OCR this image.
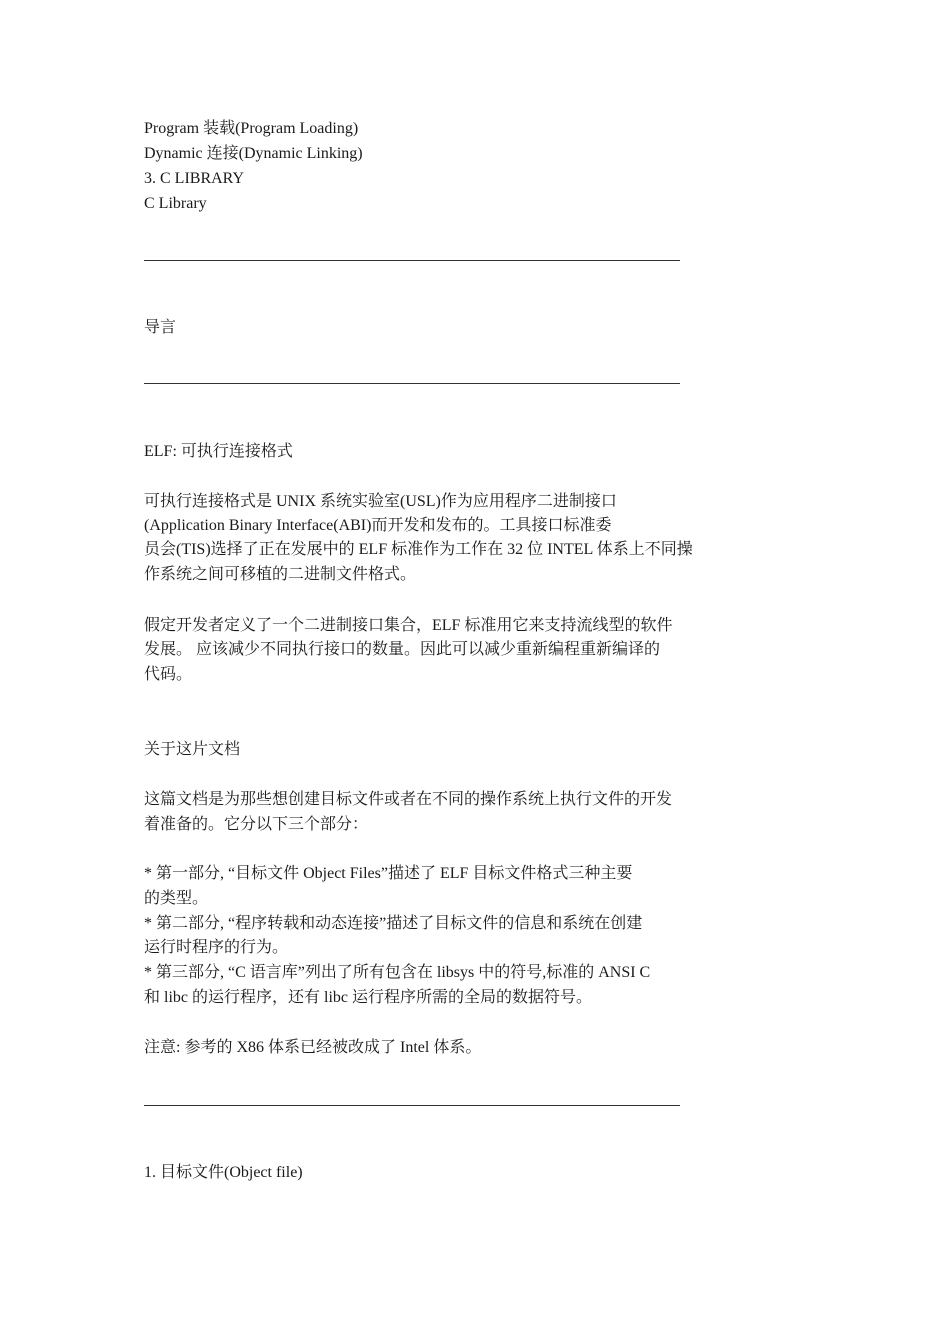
Program 装载(Program Loading)
Dynamic 连接(Dynamic Linking)
3. C LIBRARY
C Library
导言
ELF: 可执行连接格式
可执行连接格式是 UNIX 系统实验室(USL)作为应用程序二进制接口
(Application Binary Interface(ABI)而开发和发布的。工具接口标准委
员会(TIS)选择了正在发展中的 ELF 标准作为工作在 32 位 INTEL 体系上不同操
作系统之间可移植的二进制文件格式。
假定开发者定义了一个二进制接口集合，ELF 标准用它来支持流线型的软件
发展。 应该减少不同执行接口的数量。因此可以减少重新编程重新编译的
代码。
关于这片文档
这篇文档是为那些想创建目标文件或者在不同的操作系统上执行文件的开发
着准备的。它分以下三个部分：
* 第一部分, “目标文件 Object Files”描述了 ELF 目标文件格式三种主要
的类型。
* 第二部分, “程序转载和动态连接”描述了目标文件的信息和系统在创建
运行时程序的行为。
* 第三部分, “C 语言库”列出了所有包含在 libsys 中的符号,标准的 ANSI C
和 libc 的运行程序，还有 libc 运行程序所需的全局的数据符号。
注意: 参考的 X86 体系已经被改成了 Intel 体系。
1. 目标文件(Object file)
